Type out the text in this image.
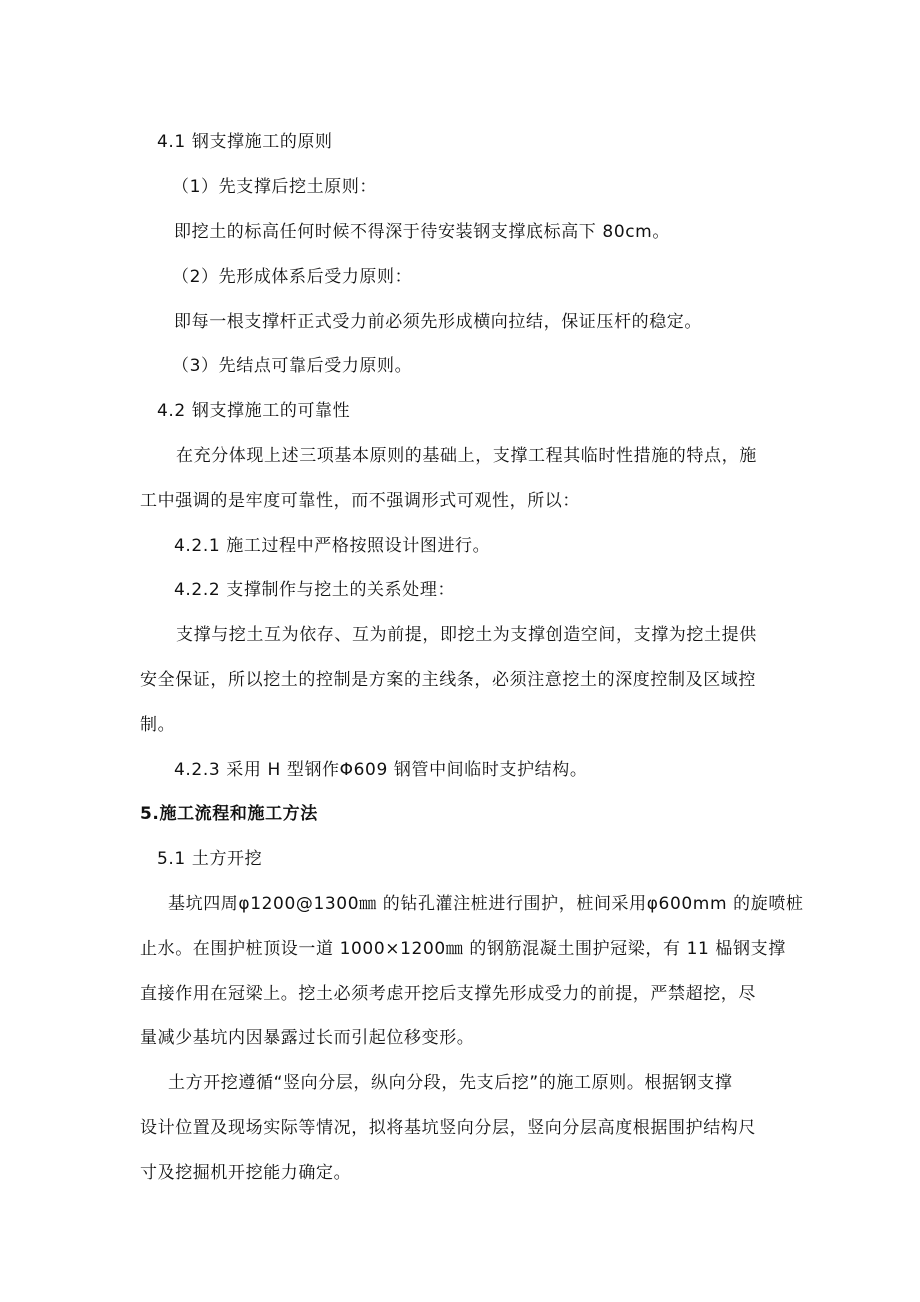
4.1 钢支撑施工的原则
（1）先支撑后挖土原则：
即挖土的标高任何时候不得深于待安装钢支撑底标高下 80cm。
（2）先形成体系后受力原则：
即每一根支撑杆正式受力前必须先形成横向拉结，保证压杆的稳定。
（3）先结点可靠后受力原则。
4.2 钢支撑施工的可靠性
在充分体现上述三项基本原则的基础上，支撑工程其临时性措施的特点，施
工中强调的是牢度可靠性，而不强调形式可观性，所以：
4.2.1 施工过程中严格按照设计图进行。
4.2.2 支撑制作与挖土的关系处理：
支撑与挖土互为依存、互为前提，即挖土为支撑创造空间，支撑为挖土提供
安全保证，所以挖土的控制是方案的主线条，必须注意挖土的深度控制及区域控
制。
4.2.3 采用 H 型钢作Φ609 钢管中间临时支护结构。
5.施工流程和施工方法
5.1 土方开挖
基坑四周φ1200@1300㎜ 的钻孔灌注桩进行围护，桩间采用φ600mm 的旋喷桩
止水。在围护桩顶设一道 1000×1200㎜ 的钢筋混凝土围护冠梁，有 11 榀钢支撑
直接作用在冠梁上。挖土必须考虑开挖后支撑先形成受力的前提，严禁超挖，尽
量减少基坑内因暴露过长而引起位移变形。
土方开挖遵循“竖向分层，纵向分段，先支后挖”的施工原则。根据钢支撑
设计位置及现场实际等情况，拟将基坑竖向分层，竖向分层高度根据围护结构尺
寸及挖掘机开挖能力确定。
